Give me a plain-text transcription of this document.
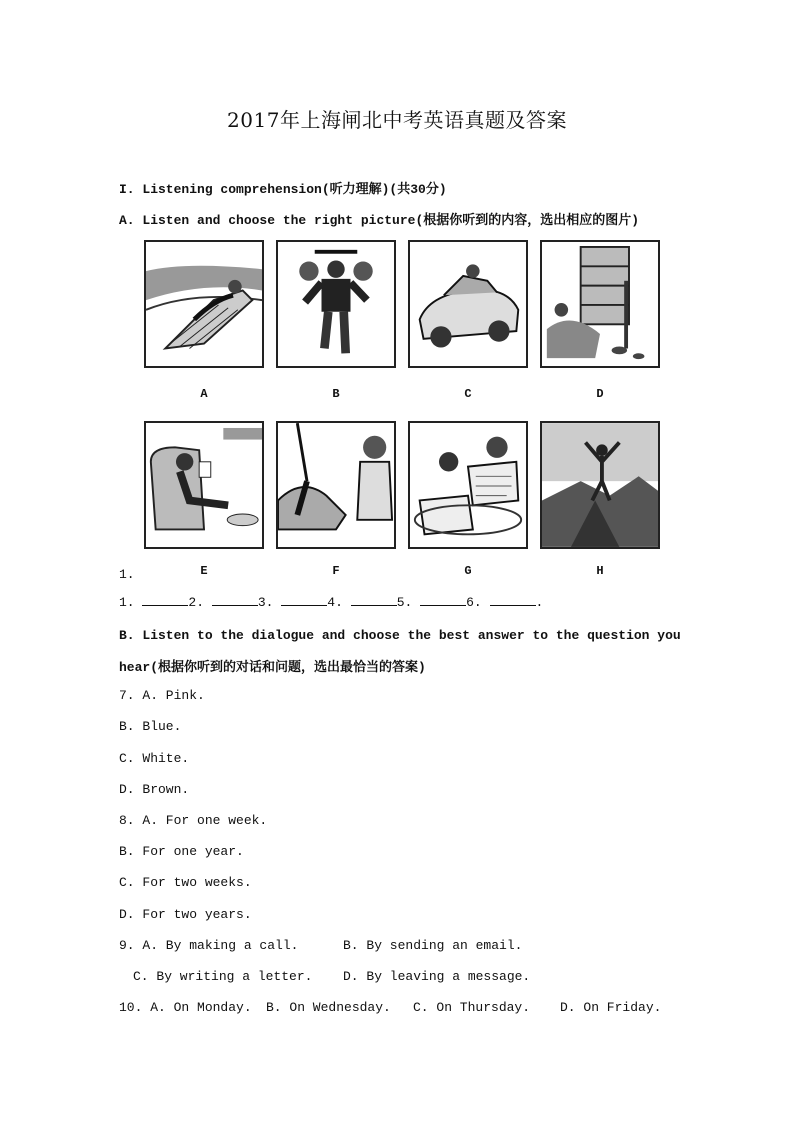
2017年上海闸北中考英语真题及答案
I. Listening comprehension(听力理解)(共30分)
A. Listen and choose the right picture(根据你听到的内容，选出相应的图片)
A	B	C	D
1.	E	F	G	H
1.	2.	3.	4.	5.	6.	.
B. Listen to the dialogue and choose the best answer to the question you
hear(根据你听到的对话和问题，选出最恰当的答案)
7. A. Pink.
B. Blue.
C. White.
D. Brown.
8. A. For one week.
B. For one year.
C. For two weeks.
D. For two years.
9. A. By making a call.	B. By sending an email.
C. By writing a letter. D. By leaving a message.
10. A. On Monday. B. On Wednesday. C. On Thursday. D. On Friday.
